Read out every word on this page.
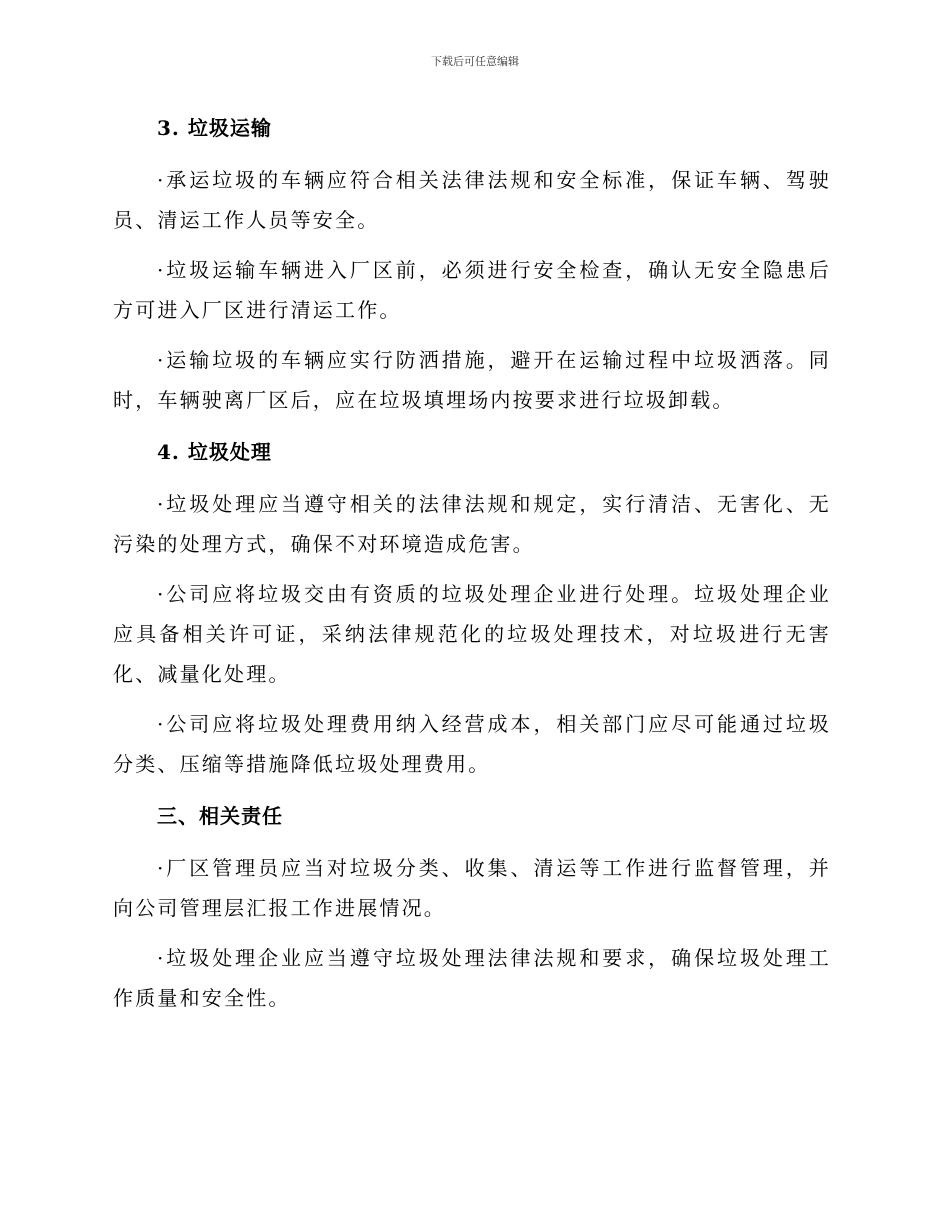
下载后可任意编辑
3. 垃圾运输

·承运垃圾的车辆应符合相关法律法规和安全标准，保证车辆、驾驶员、清运工作人员等安全。

·垃圾运输车辆进入厂区前，必须进行安全检查，确认无安全隐患后方可进入厂区进行清运工作。

·运输垃圾的车辆应实行防洒措施，避开在运输过程中垃圾洒落。同时，车辆驶离厂区后，应在垃圾填埋场内按要求进行垃圾卸载。

4. 垃圾处理

·垃圾处理应当遵守相关的法律法规和规定，实行清洁、无害化、无污染的处理方式，确保不对环境造成危害。

·公司应将垃圾交由有资质的垃圾处理企业进行处理。垃圾处理企业应具备相关许可证，采纳法律规范化的垃圾处理技术，对垃圾进行无害化、减量化处理。

·公司应将垃圾处理费用纳入经营成本，相关部门应尽可能通过垃圾分类、压缩等措施降低垃圾处理费用。

三、相关责任

·厂区管理员应当对垃圾分类、收集、清运等工作进行监督管理，并向公司管理层汇报工作进展情况。

·垃圾处理企业应当遵守垃圾处理法律法规和要求，确保垃圾处理工作质量和安全性。
